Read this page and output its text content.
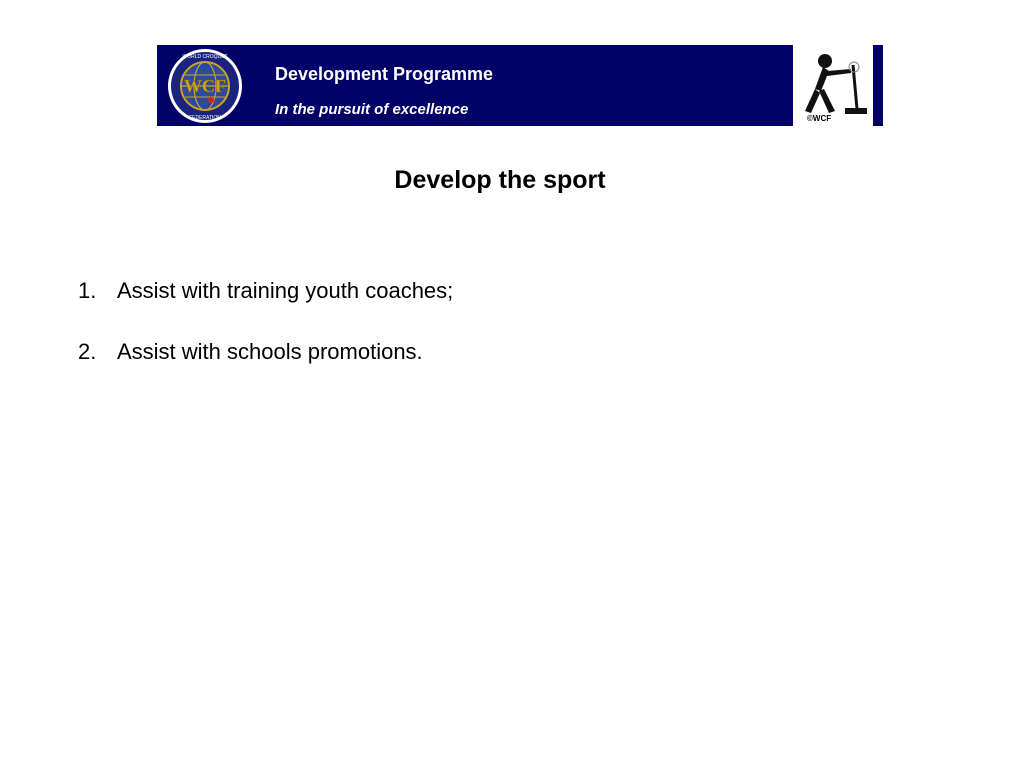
WCF
WORLD CROQUET
FEDERATION
Development Programme
In the pursuit of excellence
©WCF
Develop the sport
1. Assist with training youth coaches;
2. Assist with schools promotions.
